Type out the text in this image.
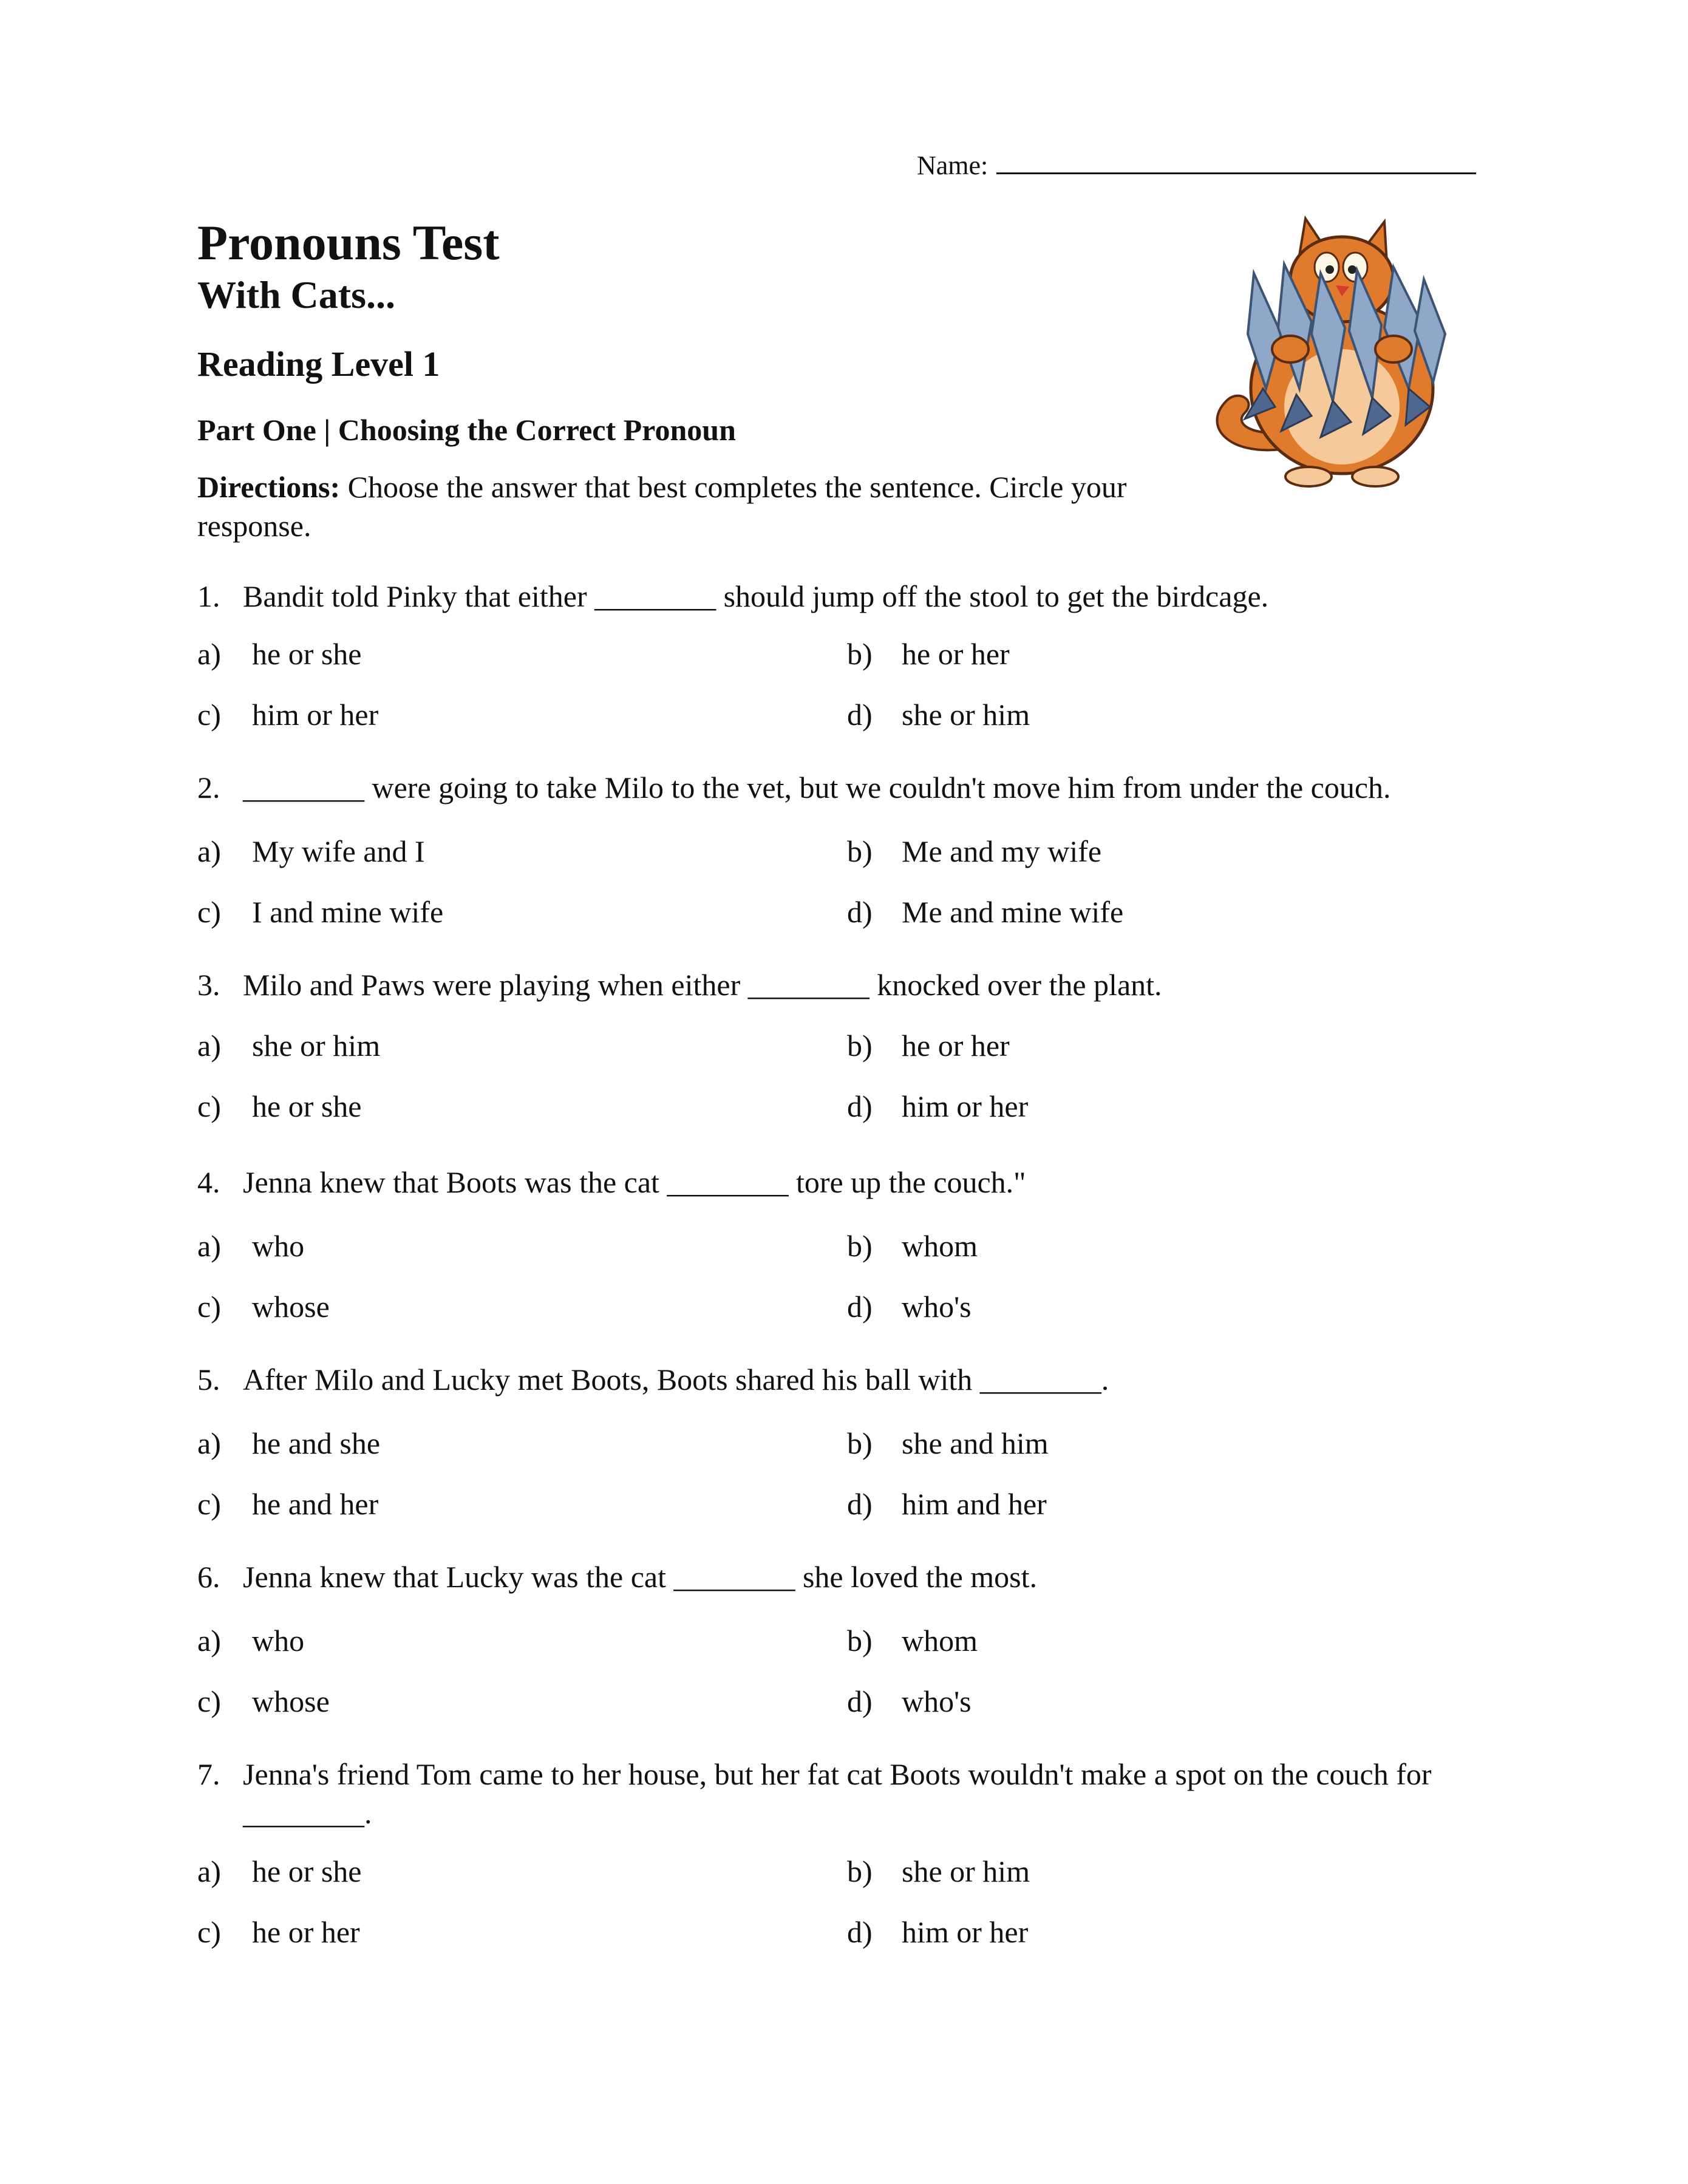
Name:
Pronouns Test
With Cats...
Reading Level 1
Part One | Choosing the Correct Pronoun
Directions: Choose the answer that best completes the sentence. Circle your response.
1. Bandit told Pinky that either ________ should jump off the stool to get the birdcage.
a) he or she	b) he or her
c) him or her	d) she or him
2. ________ were going to take Milo to the vet, but we couldn't move him from under the couch.
a) My wife and I	b) Me and my wife
c) I and mine wife	d) Me and mine wife
3. Milo and Paws were playing when either ________ knocked over the plant.
a) she or him	b) he or her
c) he or she	d) him or her
4. Jenna knew that Boots was the cat ________ tore up the couch."
a) who	b) whom
c) whose	d) who's
5. After Milo and Lucky met Boots, Boots shared his ball with ________.
a) he and she	b) she and him
c) he and her	d) him and her
6. Jenna knew that Lucky was the cat ________ she loved the most.
a) who	b) whom
c) whose	d) who's
7. Jenna's friend Tom came to her house, but her fat cat Boots wouldn't make a spot on the couch for ________.
a) he or she	b) she or him
c) he or her	d) him or her
